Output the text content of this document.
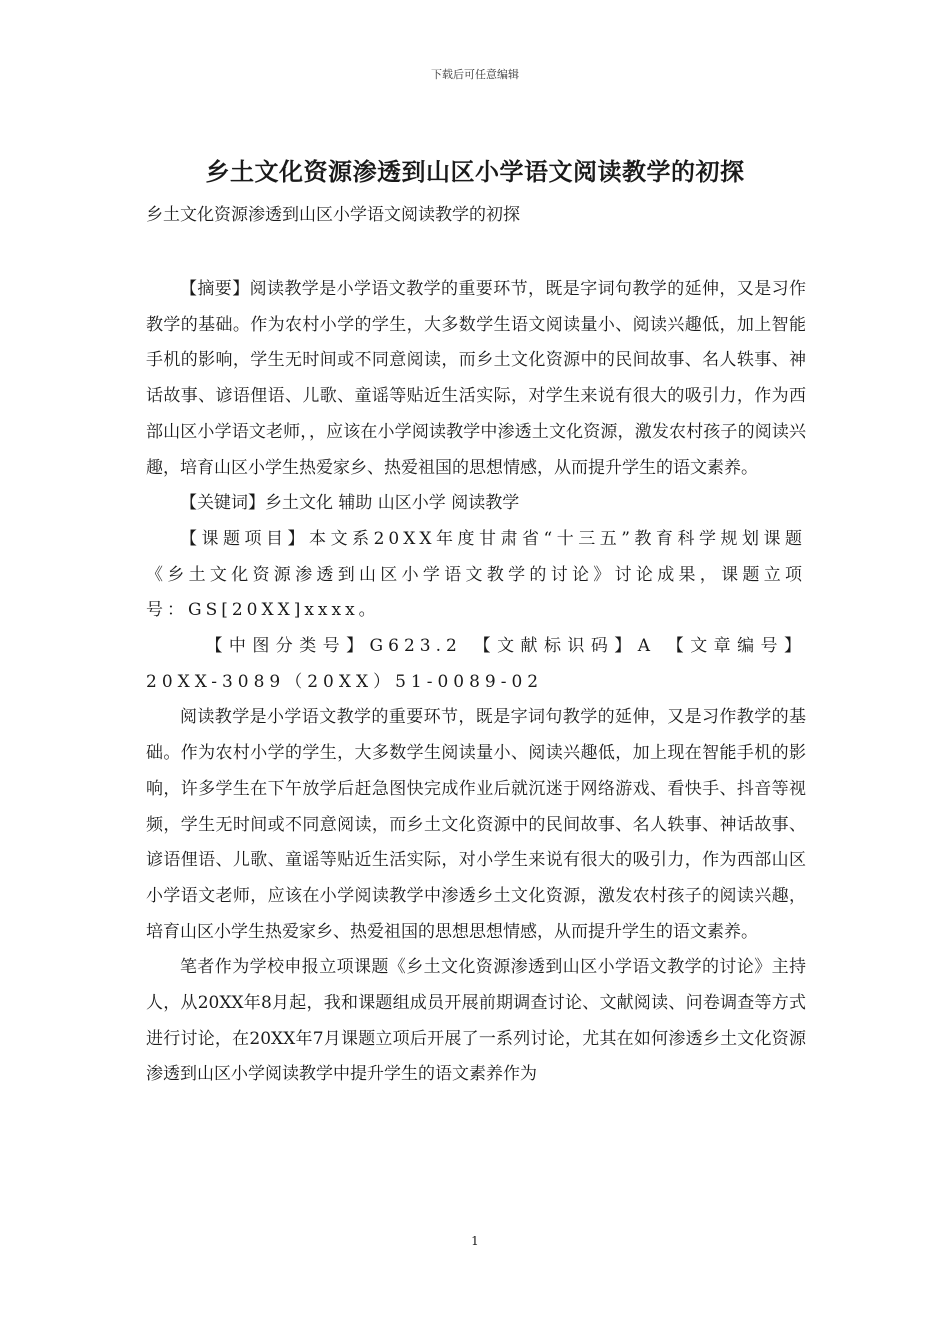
下载后可任意编辑
乡土文化资源渗透到山区小学语文阅读教学的初探

乡土文化资源渗透到山区小学语文阅读教学的初探

【摘要】阅读教学是小学语文教学的重要环节，既是字词句教学的延伸，又是习作教学的基础。作为农村小学的学生，大多数学生语文阅读量小、阅读兴趣低，加上智能手机的影响，学生无时间或不同意阅读，而乡土文化资源中的民间故事、名人轶事、神话故事、谚语俚语、儿歌、童谣等贴近生活实际，对学生来说有很大的吸引力，作为西部山区小学语文老师，，应该在小学阅读教学中渗透土文化资源，激发农村孩子的阅读兴趣，培育山区小学生热爱家乡、热爱祖国的思想情感，从而提升学生的语文素养。

【关键词】乡土文化 辅助 山区小学 阅读教学

【课题项目】本文系20XX年度甘肃省“十三五”教育科学规划课题《乡土文化资源渗透到山区小学语文教学的讨论》讨论成果，课题立项号：GS[20XX]xxxx。

【中图分类号】G623.2 【文献标识码】A 【文章编号】20XX-3089（20XX）51-0089-02

阅读教学是小学语文教学的重要环节，既是字词句教学的延伸，又是习作教学的基础。作为农村小学的学生，大多数学生阅读量小、阅读兴趣低，加上现在智能手机的影响，许多学生在下午放学后赶急图快完成作业后就沉迷于网络游戏、看快手、抖音等视频，学生无时间或不同意阅读，而乡土文化资源中的民间故事、名人轶事、神话故事、谚语俚语、儿歌、童谣等贴近生活实际，对小学生来说有很大的吸引力，作为西部山区小学语文老师，应该在小学阅读教学中渗透乡土文化资源，激发农村孩子的阅读兴趣，培育山区小学生热爱家乡、热爱祖国的思想思想情感，从而提升学生的语文素养。

笔者作为学校申报立项课题《乡土文化资源渗透到山区小学语文教学的讨论》主持人，从20XX年8月起，我和课题组成员开展前期调查讨论、文献阅读、问卷调查等方式进行讨论，在20XX年7月课题立项后开展了一系列讨论，尤其在如何渗透乡土文化资源渗透到山区小学阅读教学中提升学生的语文素养作为

1
